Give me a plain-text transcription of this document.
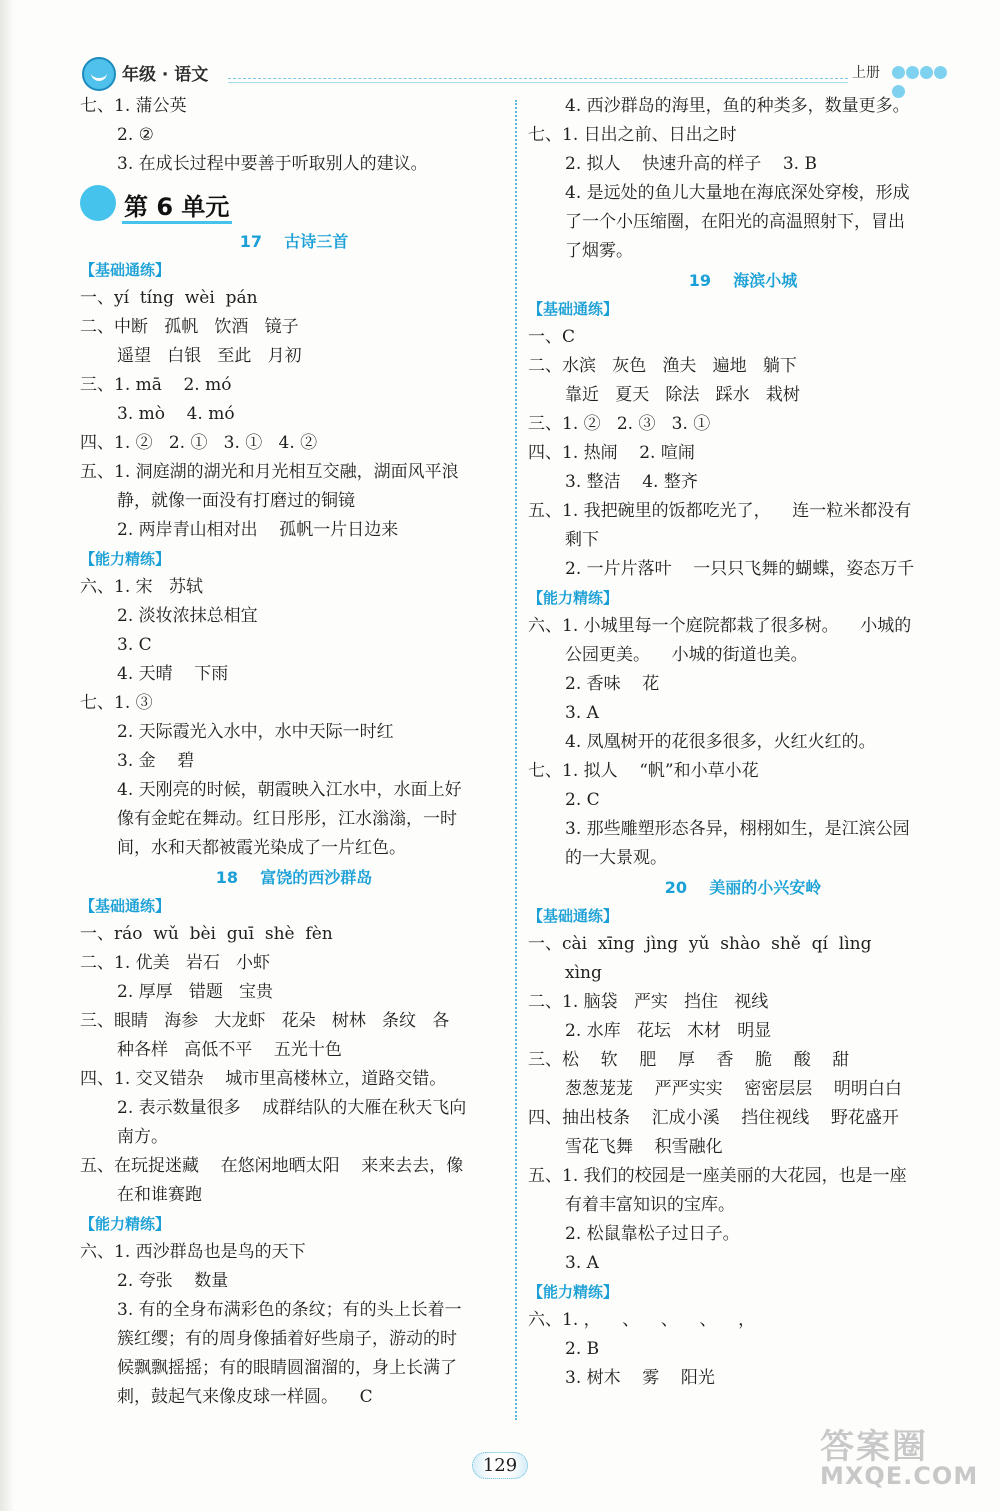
年级 · 语文	上册
七、1. 蒲公英
2. ②
3. 在成长过程中要善于听取别人的建议。
第 6 单元
17    古诗三首
【基础通练】
一、yí  tíng  wèi  pán
二、中断   孤帆   饮酒   镜子
遥望   白银   至此   月初
三、1. mā    2. mó
3. mò    4. mó
四、1. ②   2. ①   3. ①   4. ②
五、1. 洞庭湖的湖光和月光相互交融，湖面风平浪
静，就像一面没有打磨过的铜镜
2. 两岸青山相对出    孤帆一片日边来
【能力精练】
六、1. 宋   苏轼
2. 淡妆浓抹总相宜
3. C
4. 天晴    下雨
七、1. ③
2. 天际霞光入水中，水中天际一时红
3. 金    碧
4. 天刚亮的时候，朝霞映入江水中，水面上好
像有金蛇在舞动。红日彤彤，江水滃滃，一时
间，水和天都被霞光染成了一片红色。
18    富饶的西沙群岛
【基础通练】
一、ráo  wǔ  bèi  guī  shè  fèn
二、1. 优美   岩石   小虾
2. 厚厚   错题   宝贵
三、眼睛   海参   大龙虾   花朵   树林   条纹   各
种各样   高低不平    五光十色
四、1. 交叉错杂    城市里高楼林立，道路交错。
2. 表示数量很多    成群结队的大雁在秋天飞向
南方。
五、在玩捉迷藏    在悠闲地晒太阳    来来去去，像
在和谁赛跑
【能力精练】
六、1. 西沙群岛也是鸟的天下
2. 夸张    数量
3. 有的全身布满彩色的条纹；有的头上长着一
簇红缨；有的周身像插着好些扇子，游动的时
候飘飘摇摇；有的眼睛圆溜溜的，身上长满了
刺，鼓起气来像皮球一样圆。    C
4. 西沙群岛的海里，鱼的种类多，数量更多。
七、1. 日出之前、日出之时
2. 拟人    快速升高的样子    3. B
4. 是远处的鱼儿大量地在海底深处穿梭，形成
了一个小压缩圈，在阳光的高温照射下，冒出
了烟雾。
19    海滨小城
【基础通练】
一、C
二、水滨   灰色   渔夫   遍地   躺下
靠近   夏天   除法   踩水   栽树
三、1. ②   2. ③   3. ①
四、1. 热闹    2. 喧闹
3. 整洁    4. 整齐
五、1. 我把碗里的饭都吃光了，    连一粒米都没有
剩下
2. 一片片落叶    一只只飞舞的蝴蝶，姿态万千
【能力精练】
六、1. 小城里每一个庭院都栽了很多树。    小城的
公园更美。    小城的街道也美。
2. 香味    花
3. A
4. 凤凰树开的花很多很多，火红火红的。
七、1. 拟人    “帆”和小草小花
2. C
3. 那些雕塑形态各异，栩栩如生，是江滨公园
的一大景观。
20    美丽的小兴安岭
【基础通练】
一、cài  xīng  jìng  yǔ  shào  shě  qí  lìng
xìng
二、1. 脑袋   严实   挡住   视线
2. 水库   花坛   木材   明显
三、松    软    肥    厚    香    脆    酸    甜
葱葱茏茏    严严实实    密密层层    明明白白
四、抽出枝条    汇成小溪    挡住视线    野花盛开
雪花飞舞    积雪融化
五、1. 我们的校园是一座美丽的大花园，也是一座
有着丰富知识的宝库。
2. 松鼠靠松子过日子。
3. A
【能力精练】
六、1. ，    、    、    、    ，
2. B
3. 树木    雾    阳光
129	答案圈
MXQE.COM
